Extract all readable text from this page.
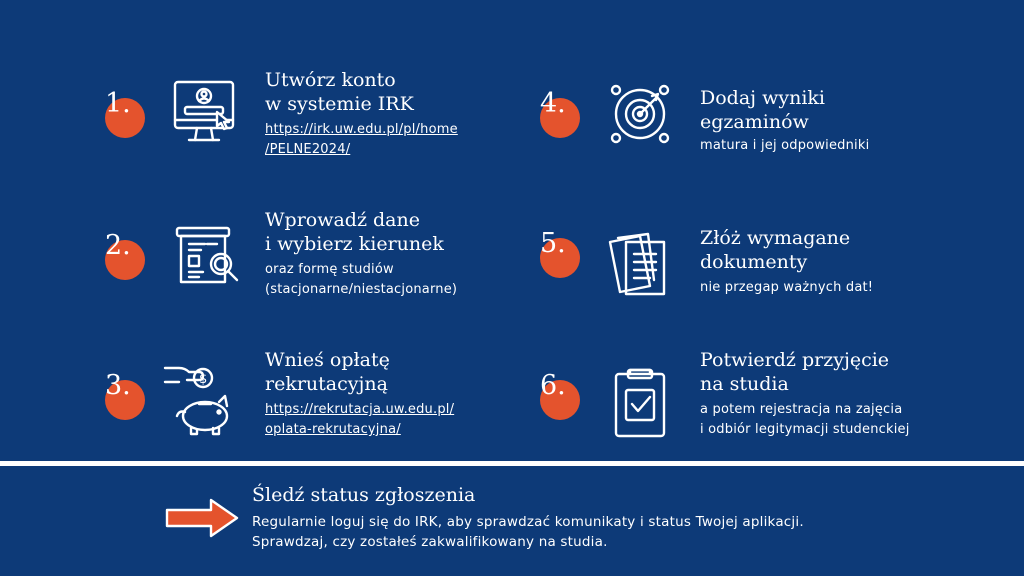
1.
Utwórz konto
w systemie IRK
https://irk.uw.edu.pl/pl/home
/PELNE2024/
2.
Wprowadź dane
i wybierz kierunek
oraz formę studiów
(stacjonarne/niestacjonarne)
3.	$
Wnieś opłatę
rekrutacyjną
https://rekrutacja.uw.edu.pl/
oplata-rekrutacyjna/
4.	Dodaj wyniki
egzaminów
matura i jej odpowiedniki
5.	Złóż wymagane
dokumenty
nie przegap ważnych dat!
6.
Potwierdź przyjęcie
na studia
a potem rejestracja na zajęcia
i odbiór legitymacji studenckiej
Śledź status zgłoszenia
Regularnie loguj się do IRK, aby sprawdzać komunikaty i status Twojej aplikacji.
Sprawdzaj, czy zostałeś zakwalifikowany na studia.
